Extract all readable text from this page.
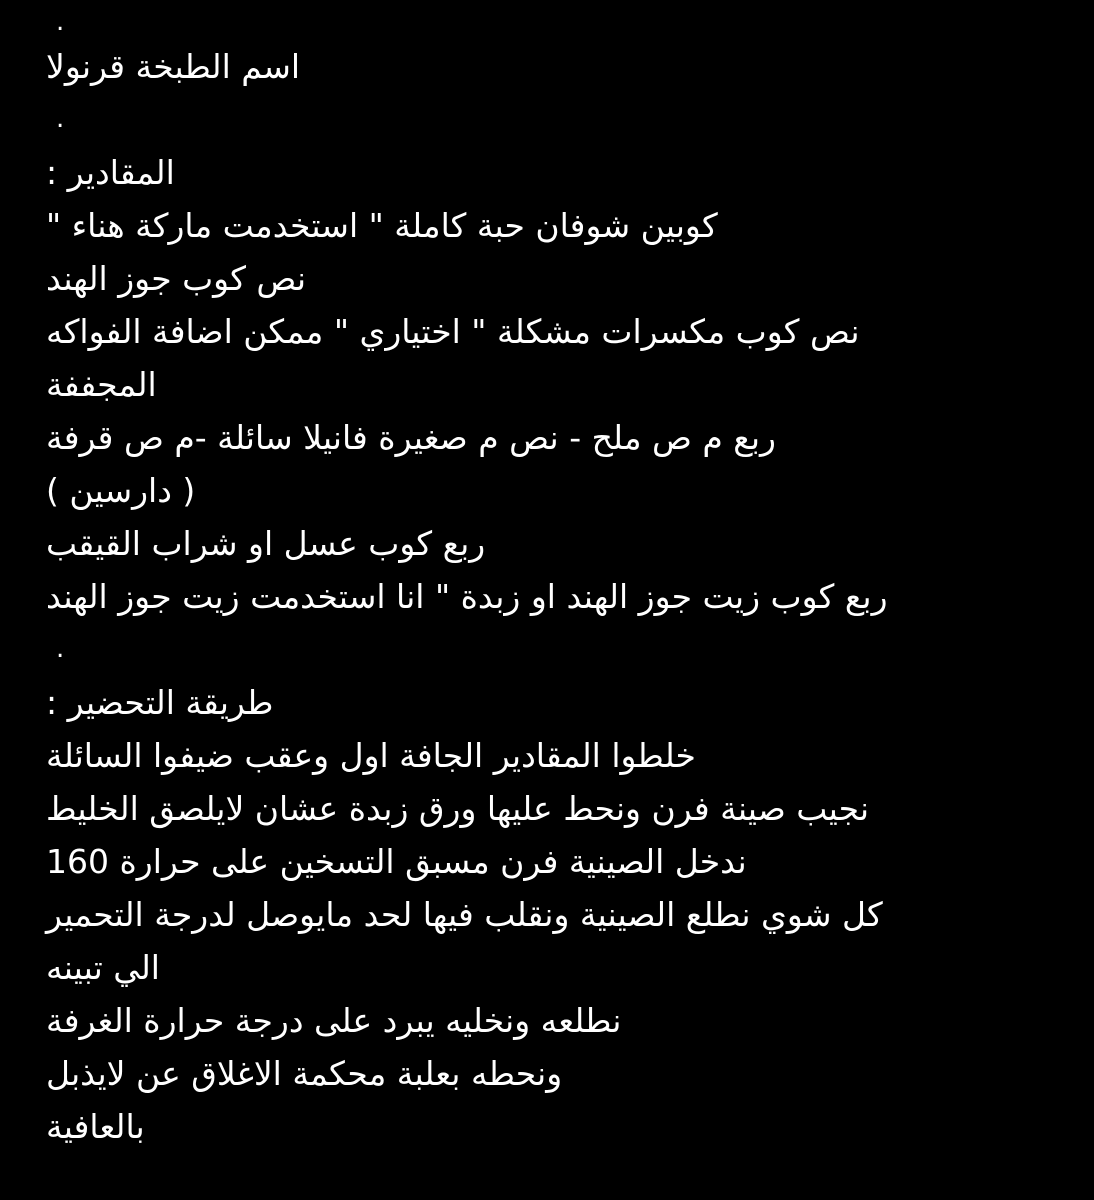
.
اسم الطبخة قرنولا
.
المقادير :
كوبين شوفان حبة كاملة " استخدمت ماركة هناء "
نص كوب جوز الهند
نص كوب مكسرات مشكلة " اختياري " ممكن اضافة الفواكه
المجففة
ربع م ص ملح - نص م صغيرة فانيلا سائلة -م ص قرفة
( دارسين )
ربع كوب عسل او شراب القيقب
ربع كوب زيت جوز الهند او زبدة " انا استخدمت زيت جوز الهند
.
طريقة التحضير :
خلطوا المقادير الجافة اول وعقب ضيفوا السائلة
نجيب صينة فرن ونحط عليها ورق زبدة عشان لايلصق الخليط
ندخل الصينية فرن مسبق التسخين على حرارة 160
كل شوي نطلع الصينية ونقلب فيها لحد مايوصل لدرجة التحمير
الي تبينه
نطلعه ونخليه يبرد على درجة حرارة الغرفة
ونحطه بعلبة محكمة الاغلاق عن لايذبل
بالعافية
